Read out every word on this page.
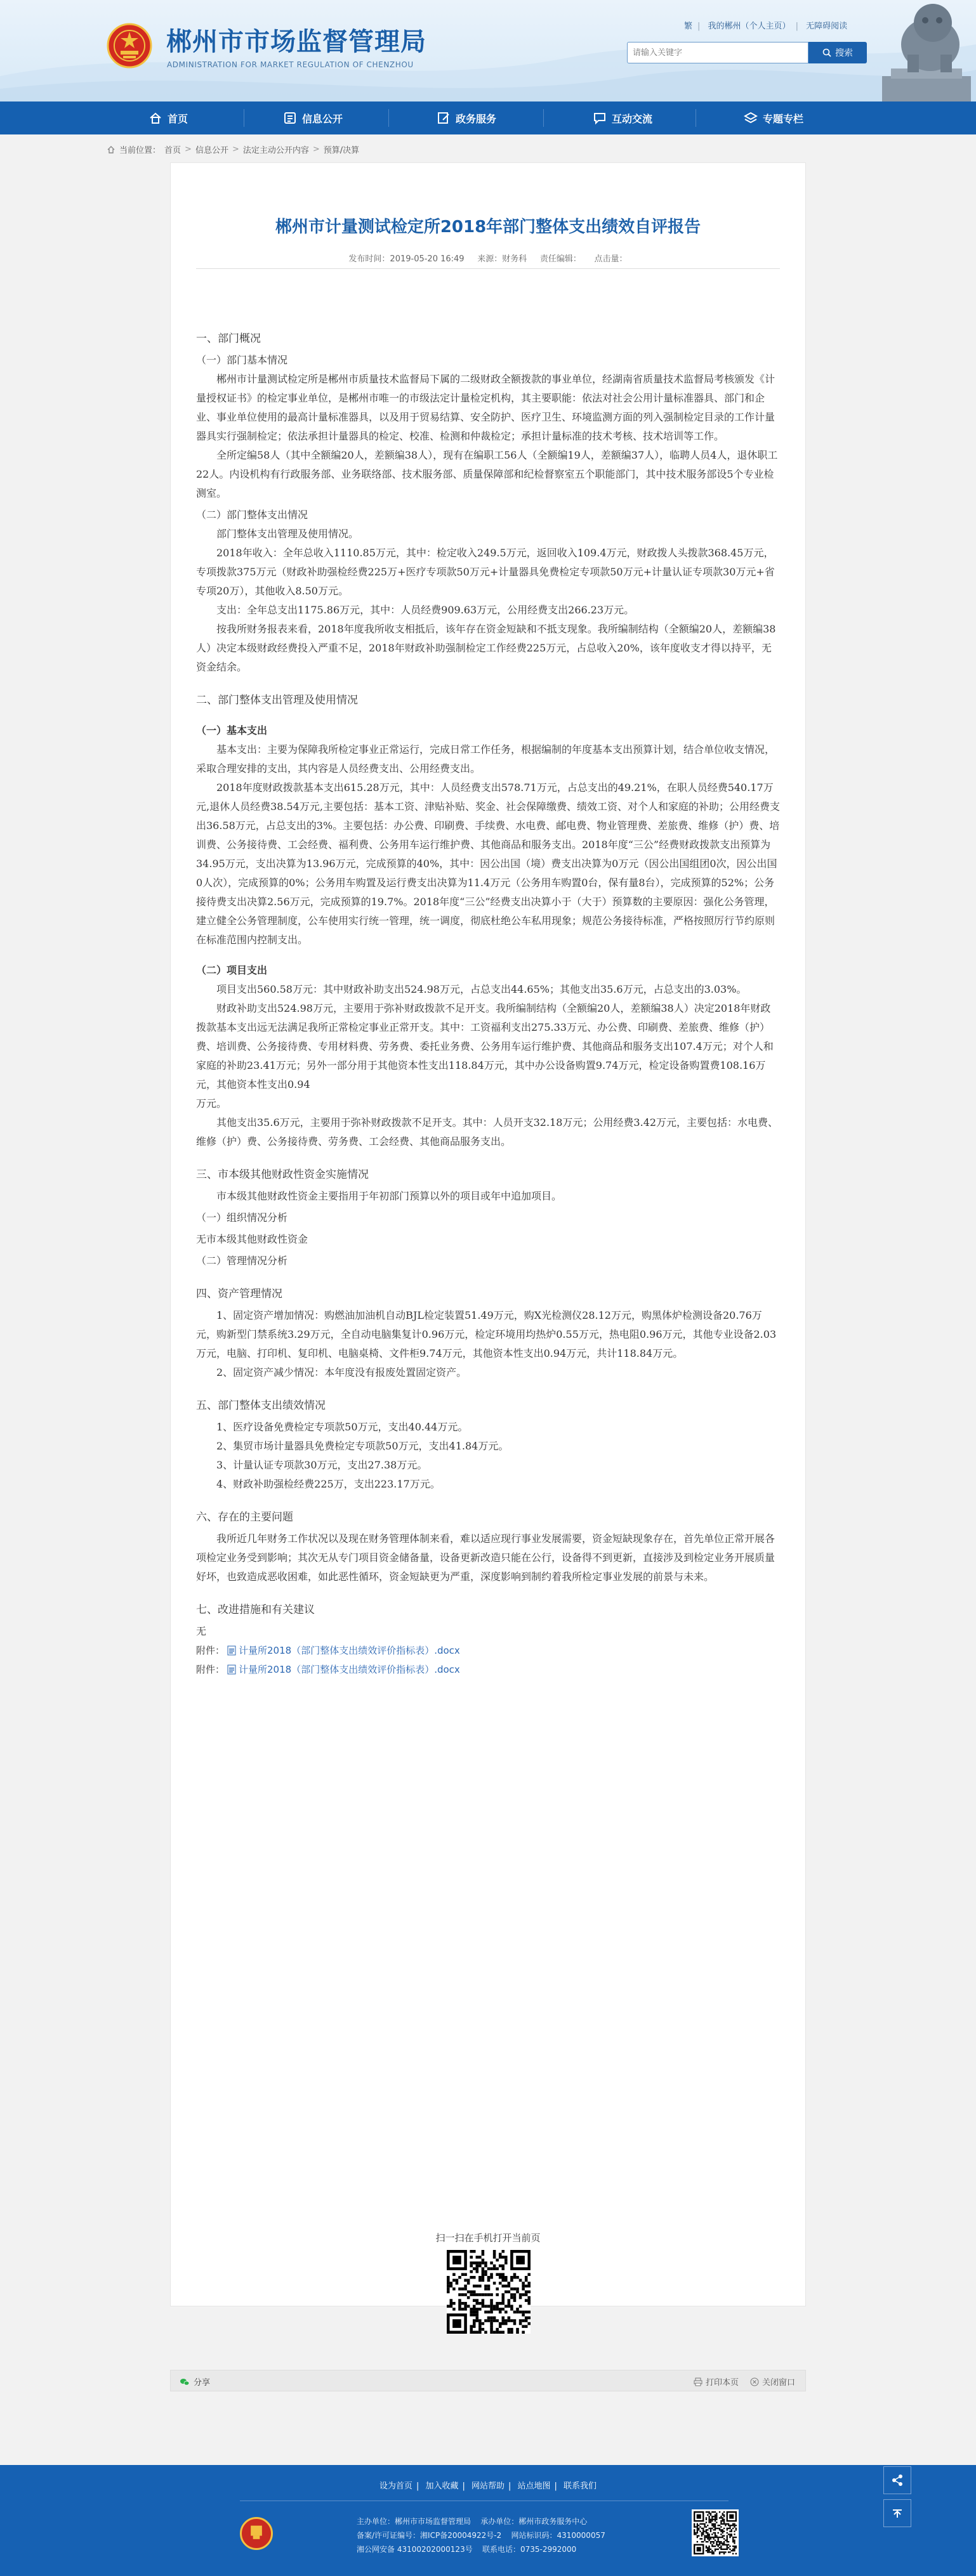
郴州市市场监督管理局
ADMINISTRATION FOR MARKET REGULATION OF CHENZHOU
繁 | 我的郴州（个人主页） | 无障碍阅读
请输入关键字
搜索
首页	信息公开	政务服务	互动交流	专题专栏
当前位置： 首页 > 信息公开 > 法定主动公开内容 > 预算/决算
郴州市计量测试检定所2018年部门整体支出绩效自评报告
发布时间：2019-05-20 16:49     来源：财务科     责任编辑：     点击量：

一、部门概况

（一）部门基本情况

郴州市计量测试检定所是郴州市质量技术监督局下属的二级财政全额拨款的事业单位，经湖南省质量技术监督局考核颁发《计量授权证书》的检定事业单位，是郴州市唯一的市级法定计量检定机构，其主要职能：依法对社会公用计量标准器具、部门和企业、事业单位使用的最高计量标准器具，以及用于贸易结算、安全防护、医疗卫生、环境监测方面的列入强制检定目录的工作计量器具实行强制检定；依法承担计量器具的检定、校准、检测和仲裁检定；承担计量标准的技术考核、技术培训等工作。

全所定编58人（其中全额编20人，差额编38人），现有在编职工56人（全额编19人，差额编37人），临聘人员4人，退休职工22人。内设机构有行政服务部、业务联络部、技术服务部、质量保障部和纪检督察室五个职能部门，其中技术服务部设5个专业检测室。

（二）部门整体支出情况

部门整体支出管理及使用情况。

2018年收入：全年总收入1110.85万元，其中：检定收入249.5万元，返回收入109.4万元，财政拨人头拨款368.45万元，专项拨款375万元（财政补助强检经费225万+医疗专项款50万元+计量器具免费检定专项款50万元+计量认证专项款30万元+省专项20万），其他收入8.50万元。

支出：全年总支出1175.86万元，其中：人员经费909.63万元，公用经费支出266.23万元。

按我所财务报表来看，2018年度我所收支相抵后，该年存在资金短缺和不抵支现象。我所编制结构（全额编20人，差额编38人）决定本级财政经费投入严重不足，2018年财政补助强制检定工作经费225万元，占总收入20%，该年度收支才得以持平，无资金结余。

二、部门整体支出管理及使用情况

（一）基本支出

基本支出：主要为保障我所检定事业正常运行，完成日常工作任务，根据编制的年度基本支出预算计划，结合单位收支情况，采取合理安排的支出，其内容是人员经费支出、公用经费支出。

2018年度财政拨款基本支出615.28万元，其中：人员经费支出578.71万元，占总支出的49.21%，在职人员经费540.17万元,退休人员经费38.54万元,主要包括：基本工资、津贴补贴、奖金、社会保障缴费、绩效工资、对个人和家庭的补助；公用经费支出36.58万元，占总支出的3%。主要包括：办公费、印刷费、手续费、水电费、邮电费、物业管理费、差旅费、维修（护）费、培训费、公务接待费、工会经费、福利费、公务用车运行维护费、其他商品和服务支出。2018年度“三公”经费财政拨款支出预算为34.95万元，支出决算为13.96万元，完成预算的40%，其中：因公出国（境）费支出决算为0万元（因公出国组团0次，因公出国0人次），完成预算的0%；公务用车购置及运行费支出决算为11.4万元（公务用车购置0台，保有量8台），完成预算的52%；公务接待费支出决算2.56万元，完成预算的19.7%。2018年度“三公”经费支出决算小于（大于）预算数的主要原因：强化公务管理，建立健全公务管理制度，公车使用实行统一管理，统一调度，彻底杜绝公车私用现象；规范公务接待标准，严格按照厉行节约原则在标准范围内控制支出。

（二）项目支出

项目支出560.58万元：其中财政补助支出524.98万元，占总支出44.65%；其他支出35.6万元，占总支出的3.03%。

财政补助支出524.98万元，主要用于弥补财政拨款不足开支。我所编制结构（全额编20人，差额编38人）决定2018年财政拨款基本支出远无法满足我所正常检定事业正常开支。其中：工资福利支出275.33万元、办公费、印刷费、差旅费、维修（护）费、培训费、公务接待费、专用材料费、劳务费、委托业务费、公务用车运行维护费、其他商品和服务支出107.4万元；对个人和家庭的补助23.41万元；另外一部分用于其他资本性支出118.84万元，其中办公设备购置9.74万元，检定设备购置费108.16万元，其他资本性支出0.94

万元。

其他支出35.6万元，主要用于弥补财政拨款不足开支。其中：人员开支32.18万元；公用经费3.42万元，主要包括：水电费、维修（护）费、公务接待费、劳务费、工会经费、其他商品服务支出。

三、市本级其他财政性资金实施情况

市本级其他财政性资金主要指用于年初部门预算以外的项目或年中追加项目。

（一）组织情况分析

无市本级其他财政性资金

（二）管理情况分析

四、资产管理情况

1、固定资产增加情况：购燃油加油机自动BJL检定装置51.49万元，购X光检测仪28.12万元，购黑体炉检测设备20.76万元，购新型门禁系统3.29万元，全自动电脑集复计0.96万元，检定环境用均热炉0.55万元，热电阻0.96万元，其他专业设备2.03万元，电脑、打印机、复印机、电脑桌椅、文件柜9.74万元，其他资本性支出0.94万元，共计118.84万元。

2、固定资产减少情况：本年度没有报废处置固定资产。

五、部门整体支出绩效情况

1、医疗设备免费检定专项款50万元，支出40.44万元。

2、集贸市场计量器具免费检定专项款50万元，支出41.84万元。

3、计量认证专项款30万元，支出27.38万元。

4、财政补助强检经费225万，支出223.17万元。

六、存在的主要问题

我所近几年财务工作状况以及现在财务管理体制来看，难以适应现行事业发展需要，资金短缺现象存在，首先单位正常开展各项检定业务受到影响；其次无从专门项目资金储备量，设备更新改造只能在公行，设备得不到更新，直接涉及到检定业务开展质量好坏，也致造成恶收困难，如此恶性循环，资金短缺更为严重，深度影响到制约着我所检定事业发展的前景与未来。

七、改进措施和有关建议

无

附件： 计量所2018（部门整体支出绩效评价指标表）.docx
附件： 计量所2018（部门整体支出绩效评价指标表）.docx
扫一扫在手机打开当前页
分享	打印本页	关闭窗口
设为首页 | 加入收藏 | 网站帮助 | 站点地图 | 联系我们
主办单位：郴州市市场监督管理局    承办单位：郴州市政务服务中心
备案/许可证编号：湘ICP备20004922号-2    网站标识码：4310000057
湘公网安备 43100202000123号    联系电话：0735-2992000
